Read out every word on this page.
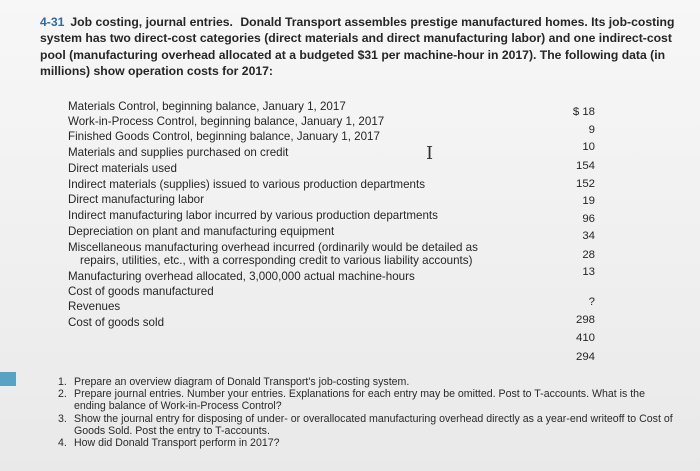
4-31 Job costing, journal entries. Donald Transport assembles prestige manufactured homes. Its job-costing system has two direct-cost categories (direct materials and direct manufacturing labor) and one indirect-cost pool (manufacturing overhead allocated at a budgeted $31 per machine-hour in 2017). The following data (in millions) show operation costs for 2017:
Materials Control, beginning balance, January 1, 2017
Work-in-Process Control, beginning balance, January 1, 2017
Finished Goods Control, beginning balance, January 1, 2017
Materials and supplies purchased on credit
Direct materials used
Indirect materials (supplies) issued to various production departments
Direct manufacturing labor
Indirect manufacturing labor incurred by various production departments
Depreciation on plant and manufacturing equipment
Miscellaneous manufacturing overhead incurred (ordinarily would be detailed as
repairs, utilities, etc., with a corresponding credit to various liability accounts)
Manufacturing overhead allocated, 3,000,000 actual machine-hours
Cost of goods manufactured
Revenues
Cost of goods sold
$ 18
9
10
154
152
19
96
34
28
13
?
298
410
294
I
1. Prepare an overview diagram of Donald Transport's job-costing system.
2. Prepare journal entries. Number your entries. Explanations for each entry may be omitted. Post to T-accounts. What is the ending balance of Work-in-Process Control?
3. Show the journal entry for disposing of under- or overallocated manufacturing overhead directly as a year-end writeoff to Cost of Goods Sold. Post the entry to T-accounts.
4. How did Donald Transport perform in 2017?
